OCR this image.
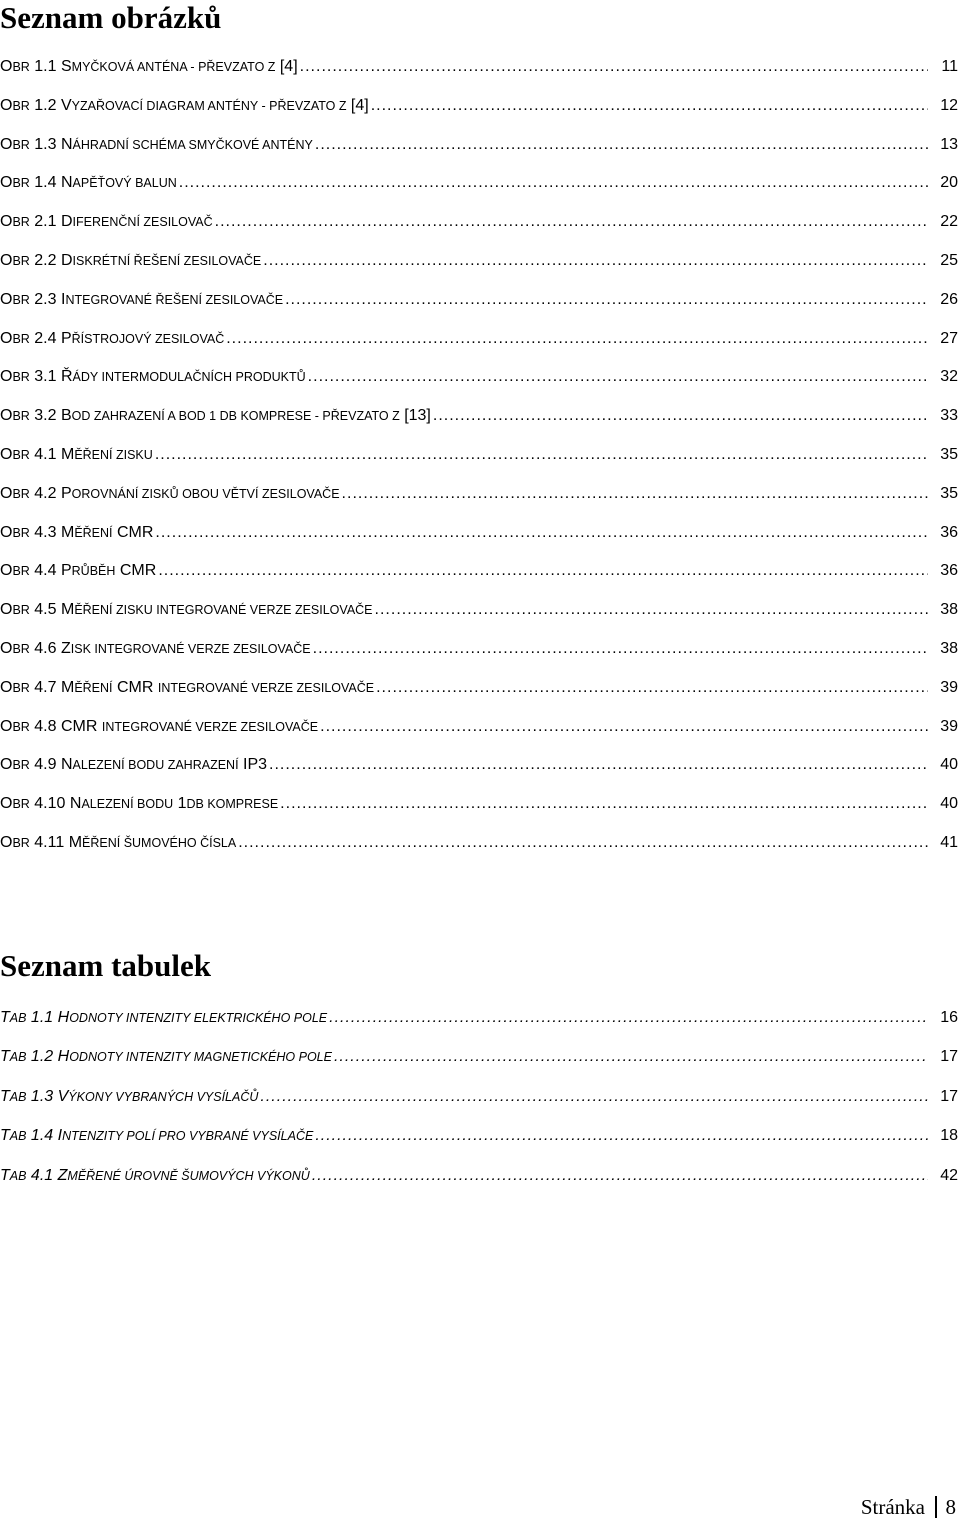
Seznam obrázků
OBR 1.1 SMYČKOVÁ ANTÉNA - PŘEVZATO Z [4] .....	11
OBR 1.2 VYZAŘOVACÍ DIAGRAM ANTÉNY - PŘEVZATO Z [4] .....	12
OBR 1.3 NÁHRADNÍ SCHÉMA SMYČKOVÉ ANTÉNY .....	13
OBR 1.4 NAPĚŤOVÝ BALUN .....	20
OBR 2.1 DIFERENČNÍ ZESILOVAČ .....	22
OBR 2.2 DISKRÉTNÍ ŘEŠENÍ ZESILOVAČE .....	25
OBR 2.3 INTEGROVANÉ ŘEŠENÍ ZESILOVAČE .....	26
OBR 2.4 PŘÍSTROJOVÝ ZESILOVAČ .....	27
OBR 3.1 ŘÁDY INTERMODULAČNÍCH PRODUKTŮ .....	32
OBR 3.2 BOD ZAHRAZENÍ A BOD 1 DB KOMPRESE - PŘEVZATO Z [13] .....	33
OBR 4.1 MĚŘENÍ ZISKU .....	35
OBR 4.2 POROVNÁNÍ ZISKŮ OBOU VĚTVÍ ZESILOVAČE .....	35
OBR 4.3 MĚŘENÍ CMR .....	36
OBR 4.4 PRŮBĚH CMR .....	36
OBR 4.5 MĚŘENÍ ZISKU INTEGROVANÉ VERZE ZESILOVAČE .....	38
OBR 4.6 ZISK INTEGROVANÉ VERZE ZESILOVAČE .....	38
OBR 4.7 MĚŘENÍ CMR INTEGROVANÉ VERZE ZESILOVAČE .....	39
OBR 4.8 CMR INTEGROVANÉ VERZE ZESILOVAČE .....	39
OBR 4.9 NALEZENÍ BODU ZAHRAZENÍ IP3 .....	40
OBR 4.10 NALEZENÍ BODU 1DB KOMPRESE .....	40
OBR 4.11 MĚŘENÍ ŠUMOVÉHO ČÍSLA .....	41
Seznam tabulek
TAB 1.1 HODNOTY INTENZITY ELEKTRICKÉHO POLE .....	16
TAB 1.2 HODNOTY INTENZITY MAGNETICKÉHO POLE .....	17
TAB 1.3 VÝKONY VYBRANÝCH VYSÍLAČŮ .....	17
TAB 1.4 INTENZITY POLÍ PRO VYBRANÉ VYSÍLAČE .....	18
TAB 4.1 ZMĚŘENÉ ÚROVNĚ ŠUMOVÝCH VÝKONŮ .....	42
Stránka 8
